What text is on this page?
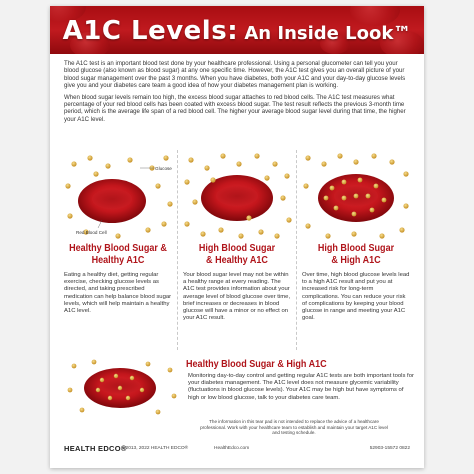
A1C Levels: An Inside Look™

The A1C test is an important blood test done by your healthcare professional. Using a personal glucometer can tell you your blood glucose (also known as blood sugar) at any one specific time. However, the A1C test gives you an overall picture of your blood sugar management over the past 3 months. When you have diabetes, both your A1C and your day-to-day glucose levels give you and your diabetes care team a good idea of how your diabetes management plan is working.

When blood sugar levels remain too high, the excess blood sugar attaches to red blood cells. The A1C test measures what percentage of your red blood cells has been coated with excess blood sugar. The test result reflects the previous 3-month time period, which is the average life span of a red blood cell. The higher your average blood sugar level during that time, the higher your A1C level.

Glucose
Red Blood Cell
Healthy Blood Sugar &
Healthy A1C
Eating a healthy diet, getting regular exercise, checking glucose levels as directed, and taking prescribed medication can help balance blood sugar levels, which will help maintain a healthy A1C level.
High Blood Sugar
& Healthy A1C
Your blood sugar level may not be within a healthy range at every reading. The A1C test provides information about your average level of blood glucose over time, brief increases or decreases in blood glucose will have a minor or no effect on your A1C result.
High Blood Sugar
& High A1C
Over time, high blood glucose levels lead to a high A1C result and put you at increased risk for long-term complications. You can reduce your risk of complications by keeping your blood glucose in range and meeting your A1C goal.
Healthy Blood Sugar & High A1C
Monitoring day-to-day control and getting regular A1C tests are both important tools for your diabetes management. The A1C level does not measure glycemic variability (fluctuations in blood glucose levels). Your A1C may be high but have symptoms of high or low blood glucose, talk to your diabetes care team.
The information in this tear pad is not intended to replace the advice of a healthcare professional. Work with your healthcare team to establish and maintain your target A1C level and testing schedule.
HEALTH EDCO®
©2013, 2022 HEALTH EDCO®	HealthEdco.com	52903-15572 0822
